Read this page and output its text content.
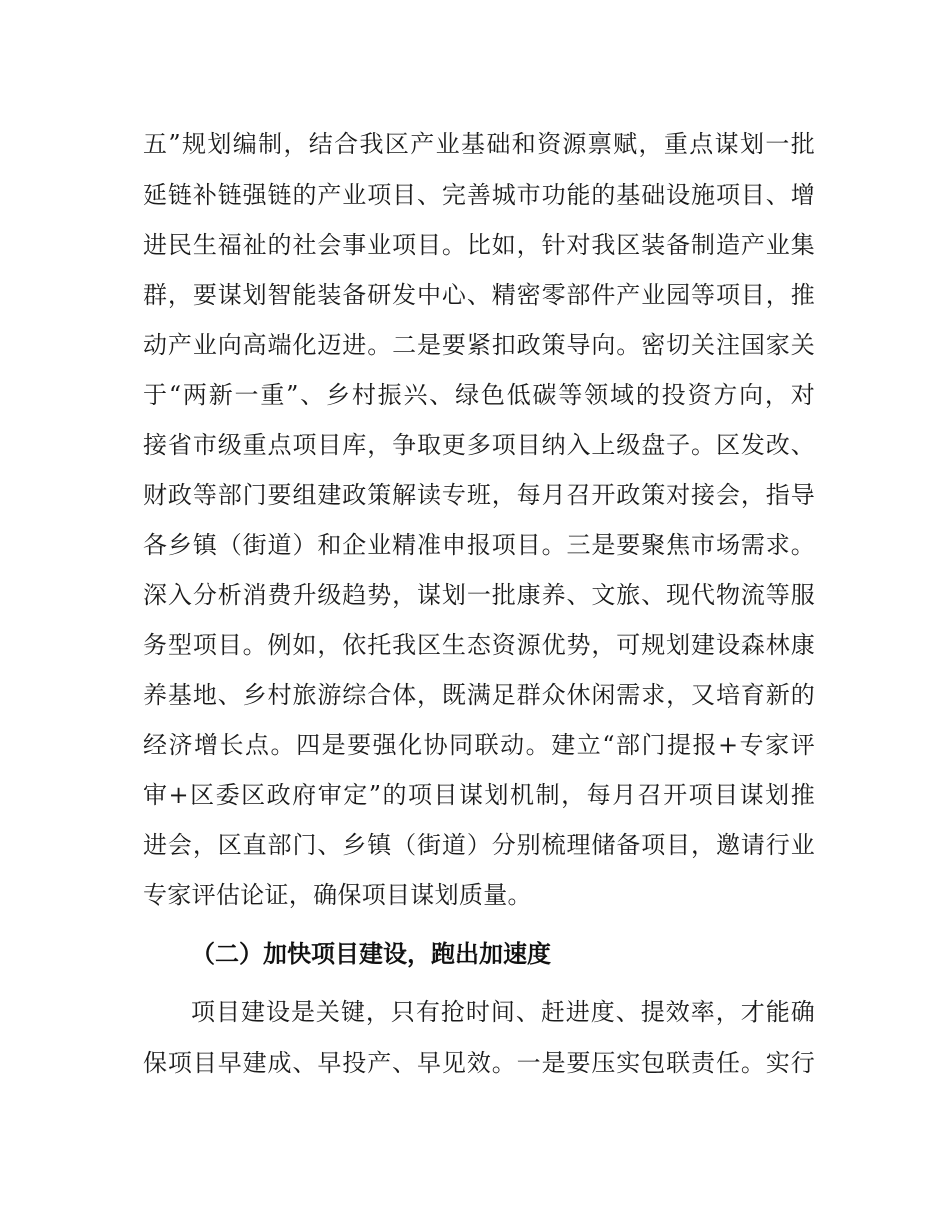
五”规划编制，结合我区产业基础和资源禀赋，重点谋划一批
延链补链强链的产业项目、完善城市功能的基础设施项目、增
进民生福祉的社会事业项目。比如，针对我区装备制造产业集
群，要谋划智能装备研发中心、精密零部件产业园等项目，推
动产业向高端化迈进。二是要紧扣政策导向。密切关注国家关
于“两新一重”、乡村振兴、绿色低碳等领域的投资方向，对
接省市级重点项目库，争取更多项目纳入上级盘子。区发改、
财政等部门要组建政策解读专班，每月召开政策对接会，指导
各乡镇（街道）和企业精准申报项目。三是要聚焦市场需求。
深入分析消费升级趋势，谋划一批康养、文旅、现代物流等服
务型项目。例如，依托我区生态资源优势，可规划建设森林康
养基地、乡村旅游综合体，既满足群众休闲需求，又培育新的
经济增长点。四是要强化协同联动。建立“部门提报+专家评
审+区委区政府审定”的项目谋划机制，每月召开项目谋划推
进会，区直部门、乡镇（街道）分别梳理储备项目，邀请行业
专家评估论证，确保项目谋划质量。
（二）加快项目建设，跑出加速度
项目建设是关键，只有抢时间、赶进度、提效率，才能确
保项目早建成、早投产、早见效。一是要压实包联责任。实行
